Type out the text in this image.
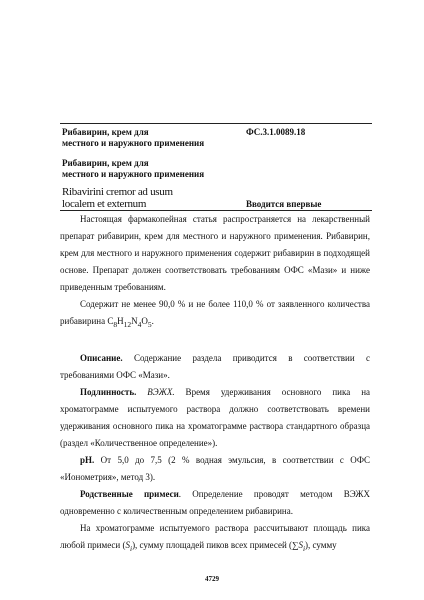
Рибавирин, крем для
местного и наружного применения

ФС.3.1.0089.18

Рибавирин, крем для
местного и наружного применения

Ribavirini cremor ad usum
localem et externum	Вводится впервые

Настоящая фармакопейная статья распространяется на лекарственный препарат рибавирин, крем для местного и наружного применения. Рибавирин, крем для местного и наружного применения содержит рибавирин в подходящей основе. Препарат должен соответствовать требованиям ОФС «Мази» и ниже приведенным требованиям.

Содержит не менее 90,0 % и не более 110,0 % от заявленного количества рибавирина $C_8H_{12}N_4O_5$.

Описание. Содержание раздела приводится в соответствии с требованиями ОФС «Мази».

Подлинность. ВЭЖХ. Время удерживания основного пика на хроматограмме испытуемого раствора должно соответствовать времени удерживания основного пика на хроматограмме раствора стандартного образца (раздел «Количественное определение»).

pH. От 5,0 до 7,5 (2 % водная эмульсия, в соответствии с ОФС «Ионометрия», метод 3).

Родственные примеси. Определение проводят методом ВЭЖХ одновременно с количественным определением рибавирина.

На хроматограмме испытуемого раствора рассчитывают площадь пика любой примеси $(S_i)$, сумму площадей пиков всех примесей $(\sum S_i)$, сумму

4729
